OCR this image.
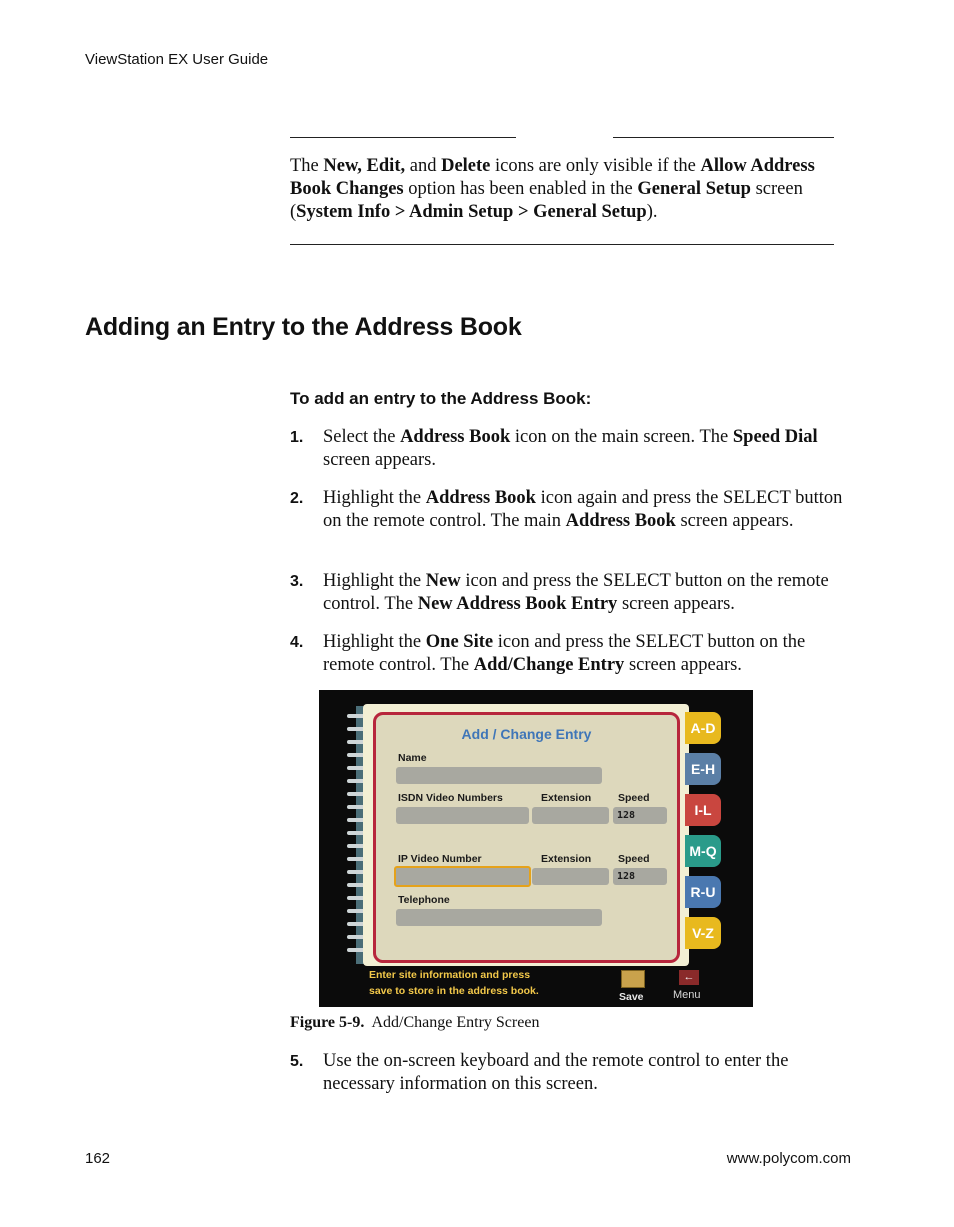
ViewStation EX User Guide
The New, Edit, and Delete icons are only visible if the Allow Address Book Changes option has been enabled in the General Setup screen (System Info > Admin Setup > General Setup).
Adding an Entry to the Address Book
To add an entry to the Address Book:
1. Select the Address Book icon on the main screen. The Speed Dial screen appears.
2. Highlight the Address Book icon again and press the SELECT button on the remote control. The main Address Book screen appears.
3. Highlight the New icon and press the SELECT button on the remote control. The New Address Book Entry screen appears.
4. Highlight the One Site icon and press the SELECT button on the remote control. The Add/Change Entry screen appears.
Add / Change Entry
Name
ISDN Video Numbers	Extension	Speed
128
IP Video Number	Extension	Speed
128
Telephone
A-D
E-H
I-L
M-Q
R-U
V-Z
Enter site information and press
save to store in the address book.	Save
←
Menu
Figure 5-9. Add/Change Entry Screen
5. Use the on-screen keyboard and the remote control to enter the necessary information on this screen.
162	www.polycom.com
